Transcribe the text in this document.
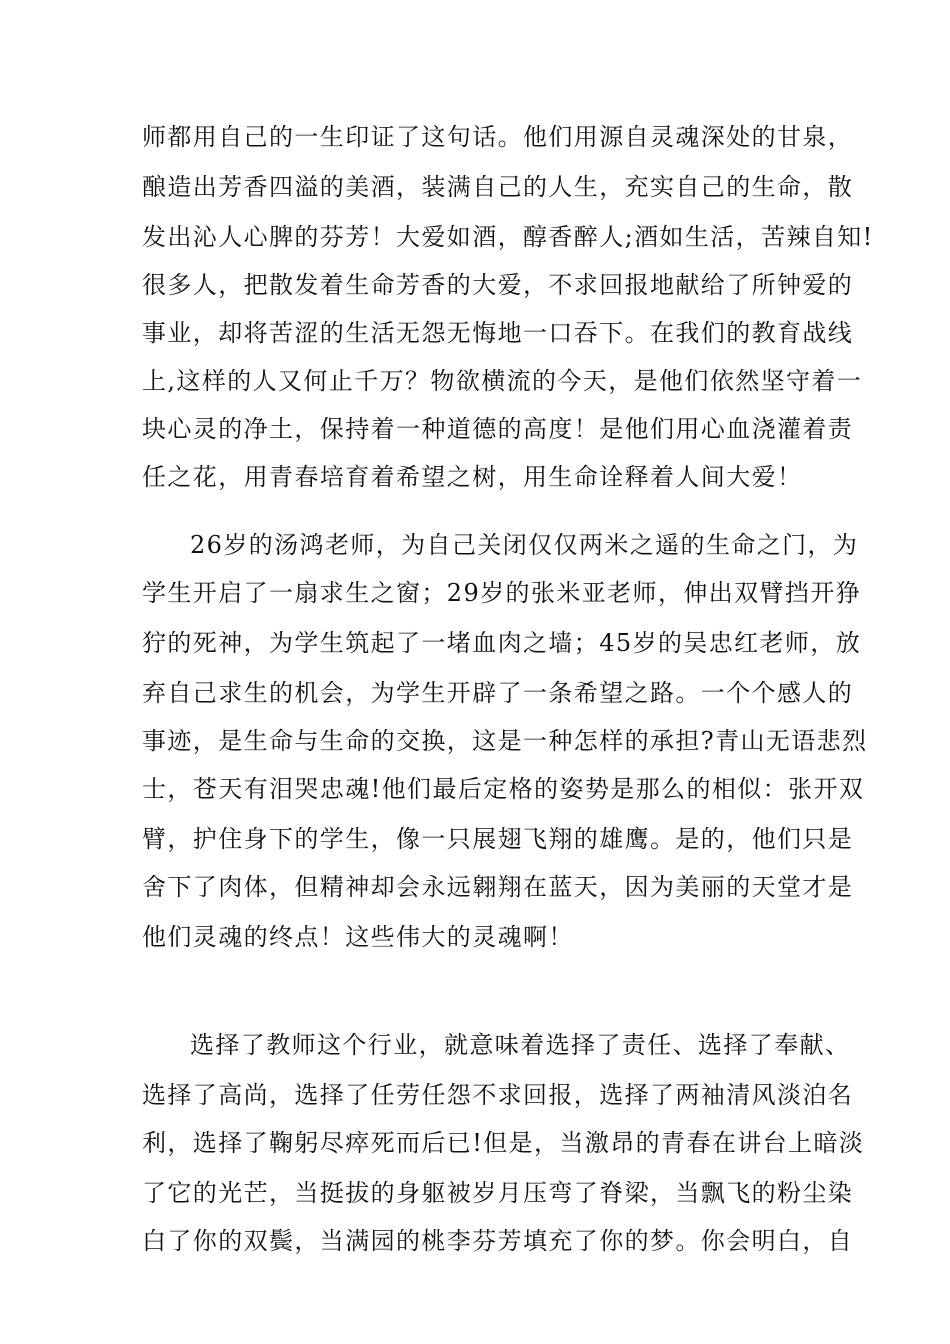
师都用自己的一生印证了这句话。他们用源自灵魂深处的甘泉，
酿造出芳香四溢的美酒，装满自己的人生，充实自己的生命，散
发出沁人心脾的芬芳！大爱如酒，醇香醉人;酒如生活，苦辣自知!
很多人，把散发着生命芳香的大爱，不求回报地献给了所钟爱的
事业，却将苦涩的生活无怨无悔地一口吞下。在我们的教育战线
上,这样的人又何止千万？物欲横流的今天，是他们依然坚守着一
块心灵的净土，保持着一种道德的高度！是他们用心血浇灌着责
任之花，用青春培育着希望之树，用生命诠释着人间大爱！
26岁的汤鸿老师，为自己关闭仅仅两米之遥的生命之门，为
学生开启了一扇求生之窗；29岁的张米亚老师，伸出双臂挡开狰
狞的死神，为学生筑起了一堵血肉之墙；45岁的吴忠红老师，放
弃自己求生的机会，为学生开辟了一条希望之路。一个个感人的
事迹，是生命与生命的交换，这是一种怎样的承担?青山无语悲烈
士，苍天有泪哭忠魂!他们最后定格的姿势是那么的相似：张开双
臂，护住身下的学生，像一只展翅飞翔的雄鹰。是的，他们只是
舍下了肉体，但精神却会永远翱翔在蓝天，因为美丽的天堂才是
他们灵魂的终点！这些伟大的灵魂啊！
选择了教师这个行业，就意味着选择了责任、选择了奉献、
选择了高尚，选择了任劳任怨不求回报，选择了两袖清风淡泊名
利，选择了鞠躬尽瘁死而后已!但是，当激昂的青春在讲台上暗淡
了它的光芒，当挺拔的身躯被岁月压弯了脊梁，当飘飞的粉尘染
白了你的双鬓，当满园的桃李芬芳填充了你的梦。你会明白，自
